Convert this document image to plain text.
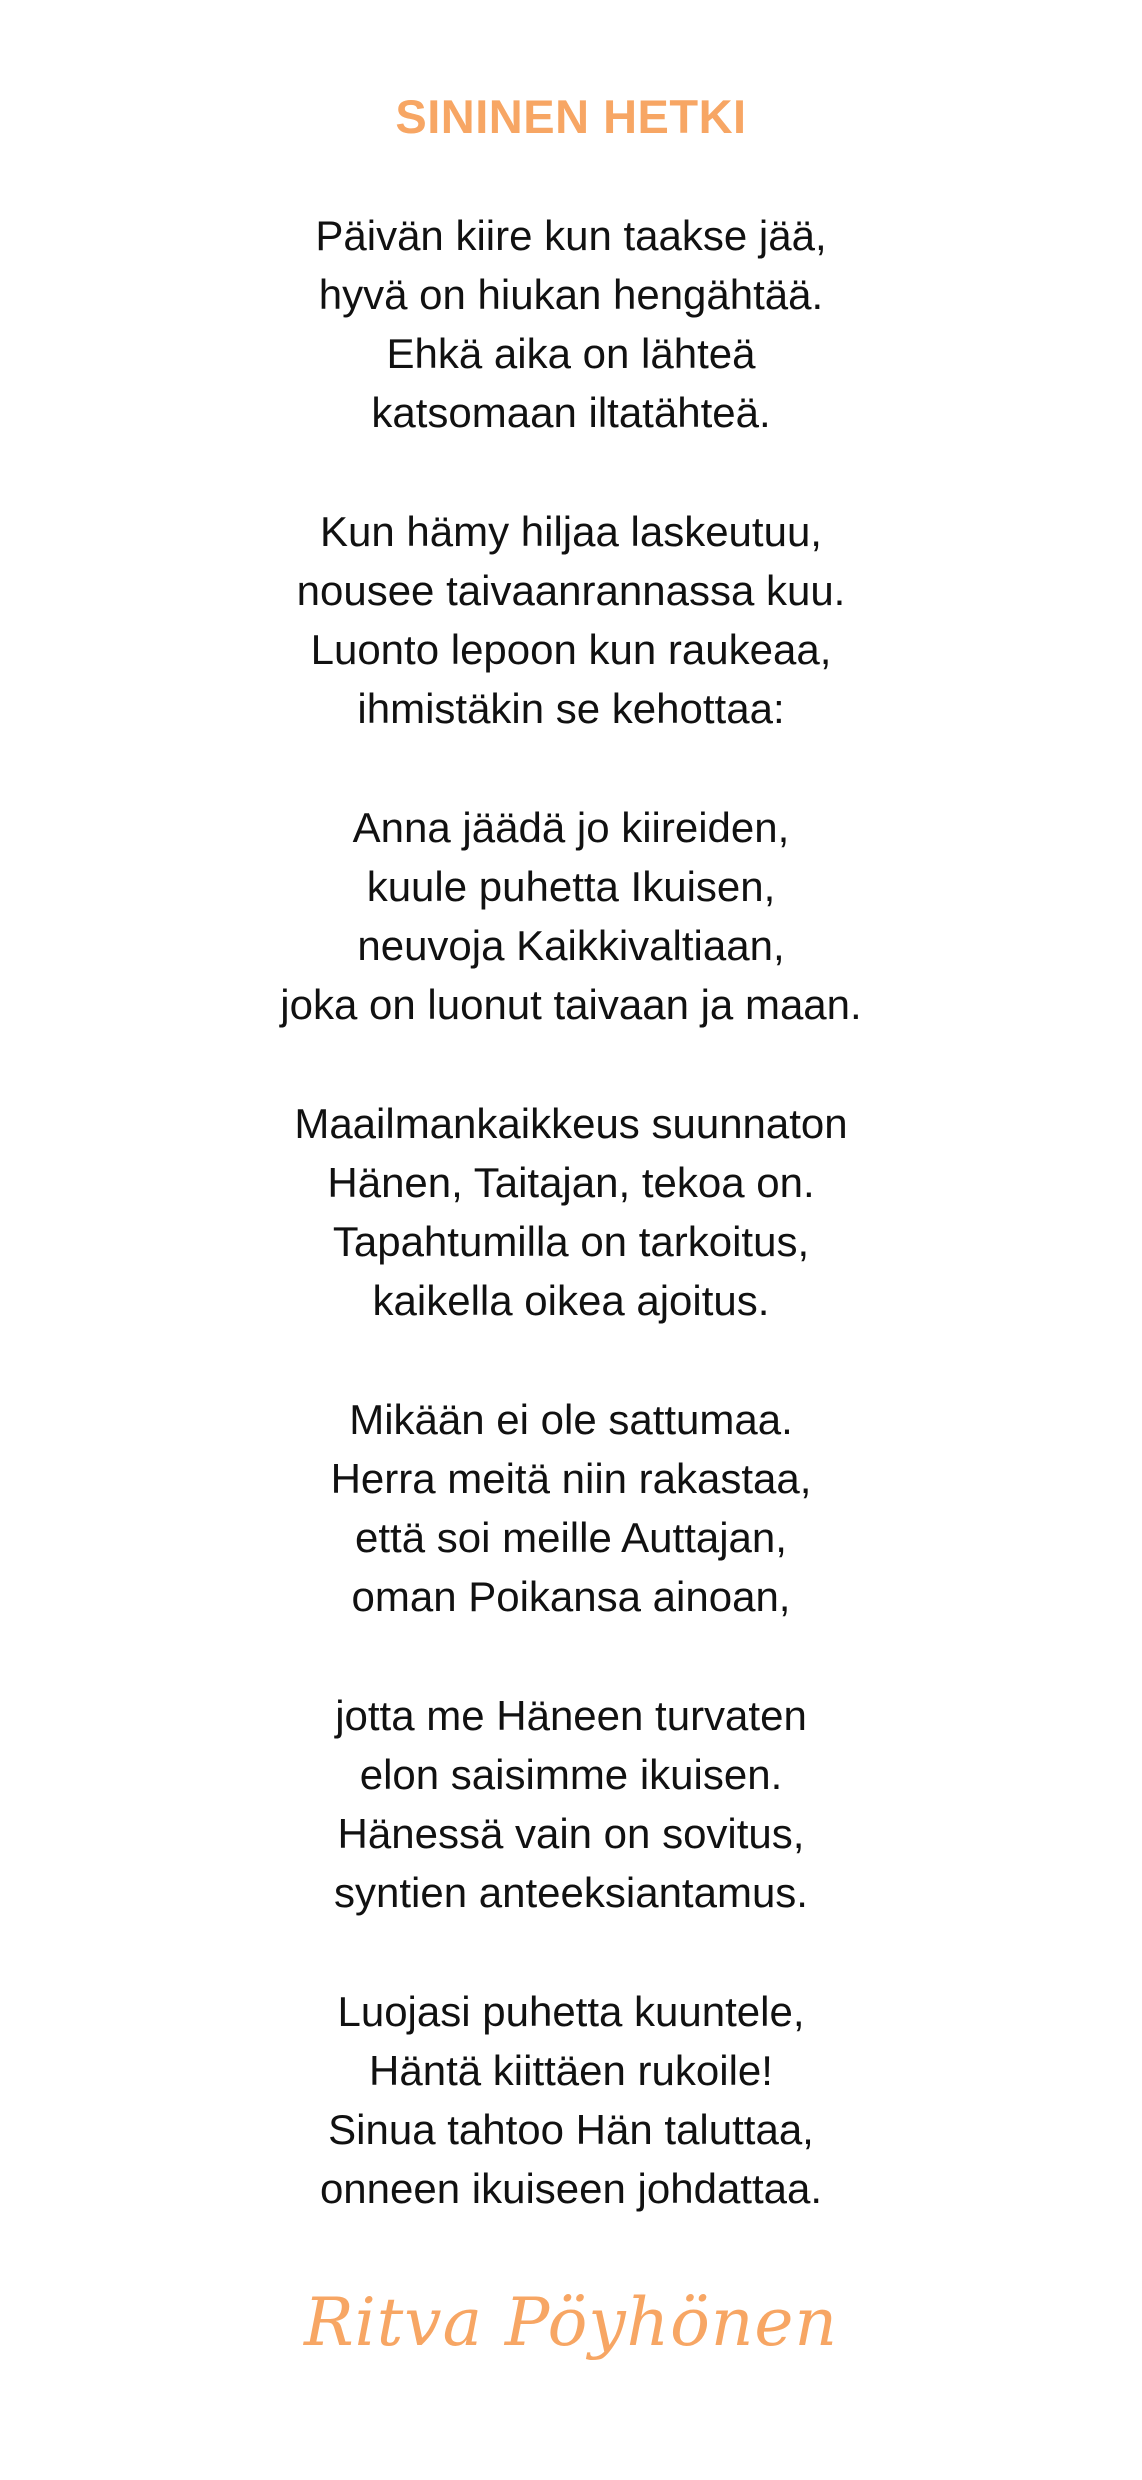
SININEN HETKI
Päivän kiire kun taakse jää,
hyvä on hiukan hengähtää.
Ehkä aika on lähteä
katsomaan iltatähteä.
Kun hämy hiljaa laskeutuu,
nousee taivaanrannassa kuu.
Luonto lepoon kun raukeaa,
ihmistäkin se kehottaa:
Anna jäädä jo kiireiden,
kuule puhetta Ikuisen,
neuvoja Kaikkivaltiaan,
joka on luonut taivaan ja maan.
Maailmankaikkeus suunnaton
Hänen, Taitajan, tekoa on.
Tapahtumilla on tarkoitus,
kaikella oikea ajoitus.
Mikään ei ole sattumaa.
Herra meitä niin rakastaa,
että soi meille Auttajan,
oman Poikansa ainoan,
jotta me Häneen turvaten
elon saisimme ikuisen.
Hänessä vain on sovitus,
syntien anteeksiantamus.
Luojasi puhetta kuuntele,
Häntä kiittäen rukoile!
Sinua tahtoo Hän taluttaa,
onneen ikuiseen johdattaa.
Ritva Pöyhönen
